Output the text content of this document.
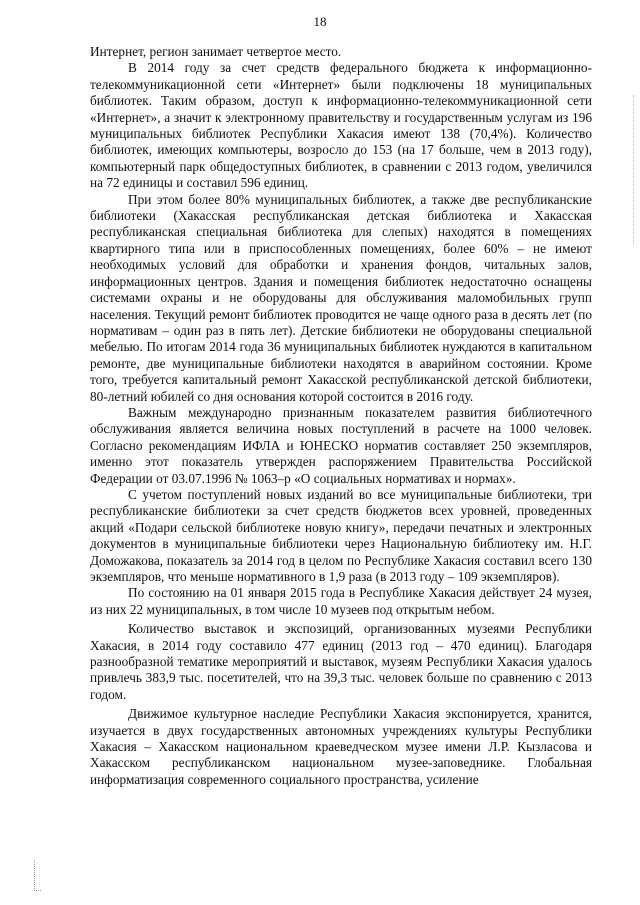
18

Интернет, регион занимает четвертое место.

В 2014 году за счет средств федерального бюджета к информационно-телекоммуникационной сети «Интернет» были подключены 18 муниципальных библиотек. Таким образом, доступ к информационно-телекоммуникационной сети «Интернет», а значит к электронному правительству и государственным услугам из 196 муниципальных библиотек Республики Хакасия имеют 138 (70,4%). Количество библиотек, имеющих компьютеры, возросло до 153 (на 17 больше, чем в 2013 году), компьютерный парк общедоступных библиотек, в сравнении с 2013 годом, увеличился на 72 единицы и составил 596 единиц.

При этом более 80% муниципальных библиотек, а также две республиканские библиотеки (Хакасская республиканская детская библиотека и Хакасская республиканская специальная библиотека для слепых) находятся в помещениях квартирного типа или в приспособленных помещениях, более 60% – не имеют необходимых условий для обработки и хранения фондов, читальных залов, информационных центров. Здания и помещения библиотек недостаточно оснащены системами охраны и не оборудованы для обслуживания маломобильных групп населения. Текущий ремонт библиотек проводится не чаще одного раза в десять лет (по нормативам – один раз в пять лет). Детские библиотеки не оборудованы специальной мебелью. По итогам 2014 года 36 муниципальных библиотек нуждаются в капитальном ремонте, две муниципальные библиотеки находятся в аварийном состоянии. Кроме того, требуется капитальный ремонт Хакасской республиканской детской библиотеки, 80-летний юбилей со дня основания которой состоится в 2016 году.

Важным международно признанным показателем развития библиотечного обслуживания является величина новых поступлений в расчете на 1000 человек. Согласно рекомендациям ИФЛА и ЮНЕСКО норматив составляет 250 экземпляров, именно этот показатель утвержден распоряжением Правительства Российской Федерации от 03.07.1996 № 1063–р «О социальных нормативах и нормах».

С учетом поступлений новых изданий во все муниципальные библиотеки, три республиканские библиотеки за счет средств бюджетов всех уровней, проведенных акций «Подари сельской библиотеке новую книгу», передачи печатных и электронных документов в муниципальные библиотеки через Национальную библиотеку им. Н.Г. Доможакова, показатель за 2014 год в целом по Республике Хакасия составил всего 130 экземпляров, что меньше нормативного в 1,9 раза (в 2013 году – 109 экземпляров).

По состоянию на 01 января 2015 года в Республике Хакасия действует 24 музея, из них 22 муниципальных, в том числе 10 музеев под открытым небом.

Количество выставок и экспозиций, организованных музеями Республики Хакасия, в 2014 году составило 477 единиц (2013 год – 470 единиц). Благодаря разнообразной тематике мероприятий и выставок, музеям Республики Хакасия удалось привлечь 383,9 тыс. посетителей, что на 39,3 тыс. человек больше по сравнению с 2013 годом.

Движимое культурное наследие Республики Хакасия экспонируется, хранится, изучается в двух государственных автономных учреждениях культуры Республики Хакасия – Хакасском национальном краеведческом музее имени Л.Р. Кызласова и Хакасском республиканском национальном музее-заповеднике. Глобальная информатизация современного социального пространства, усиление
